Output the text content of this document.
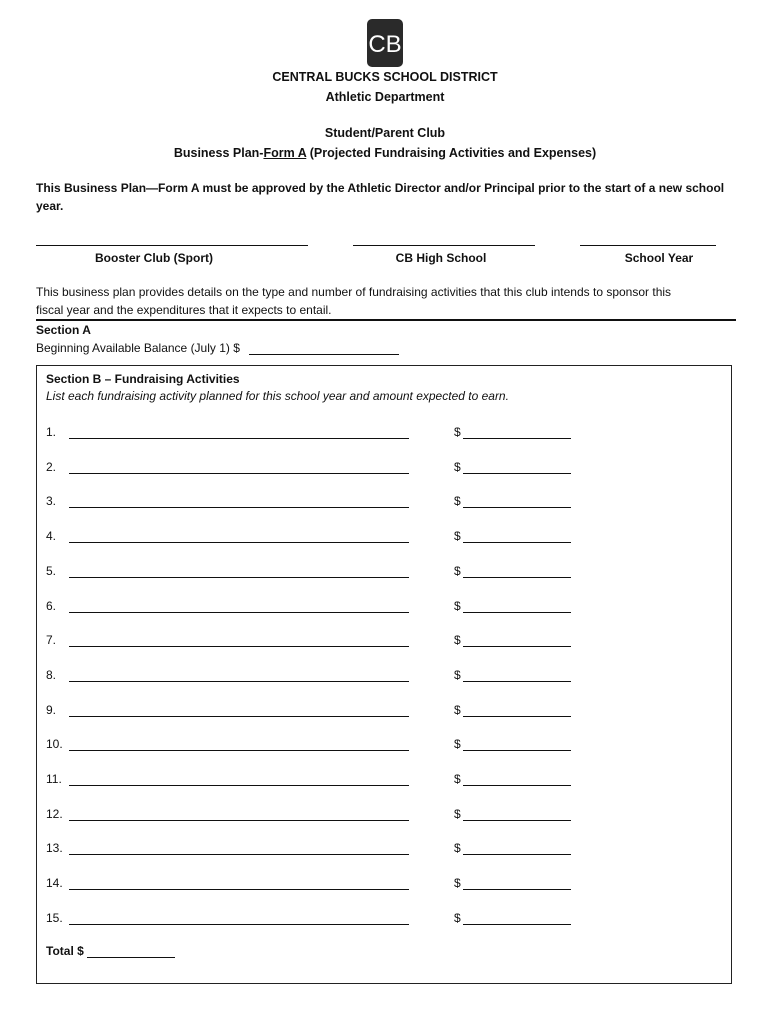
CB
CENTRAL BUCKS SCHOOL DISTRICT
Athletic Department
Student/Parent Club
Business Plan-Form A (Projected Fundraising Activities and Expenses)
This Business Plan—Form A must be approved by the Athletic Director and/or Principal prior to the start of a new school
year.
Booster Club (Sport)	CB High School	School Year
This business plan provides details on the type and number of fundraising activities that this club intends to sponsor this
fiscal year and the expenditures that it expects to entail.
Section A
Beginning Available Balance (July 1) $
Section B – Fundraising Activities
List each fundraising activity planned for this school year and amount expected to earn.
1.	$
2.	$
3.	$
4.	$
5.	$
6.	$
7.	$
8.	$
9.	$
10.	$
11.	$
12.	$
13.	$
14.	$
15.	$
Total $
